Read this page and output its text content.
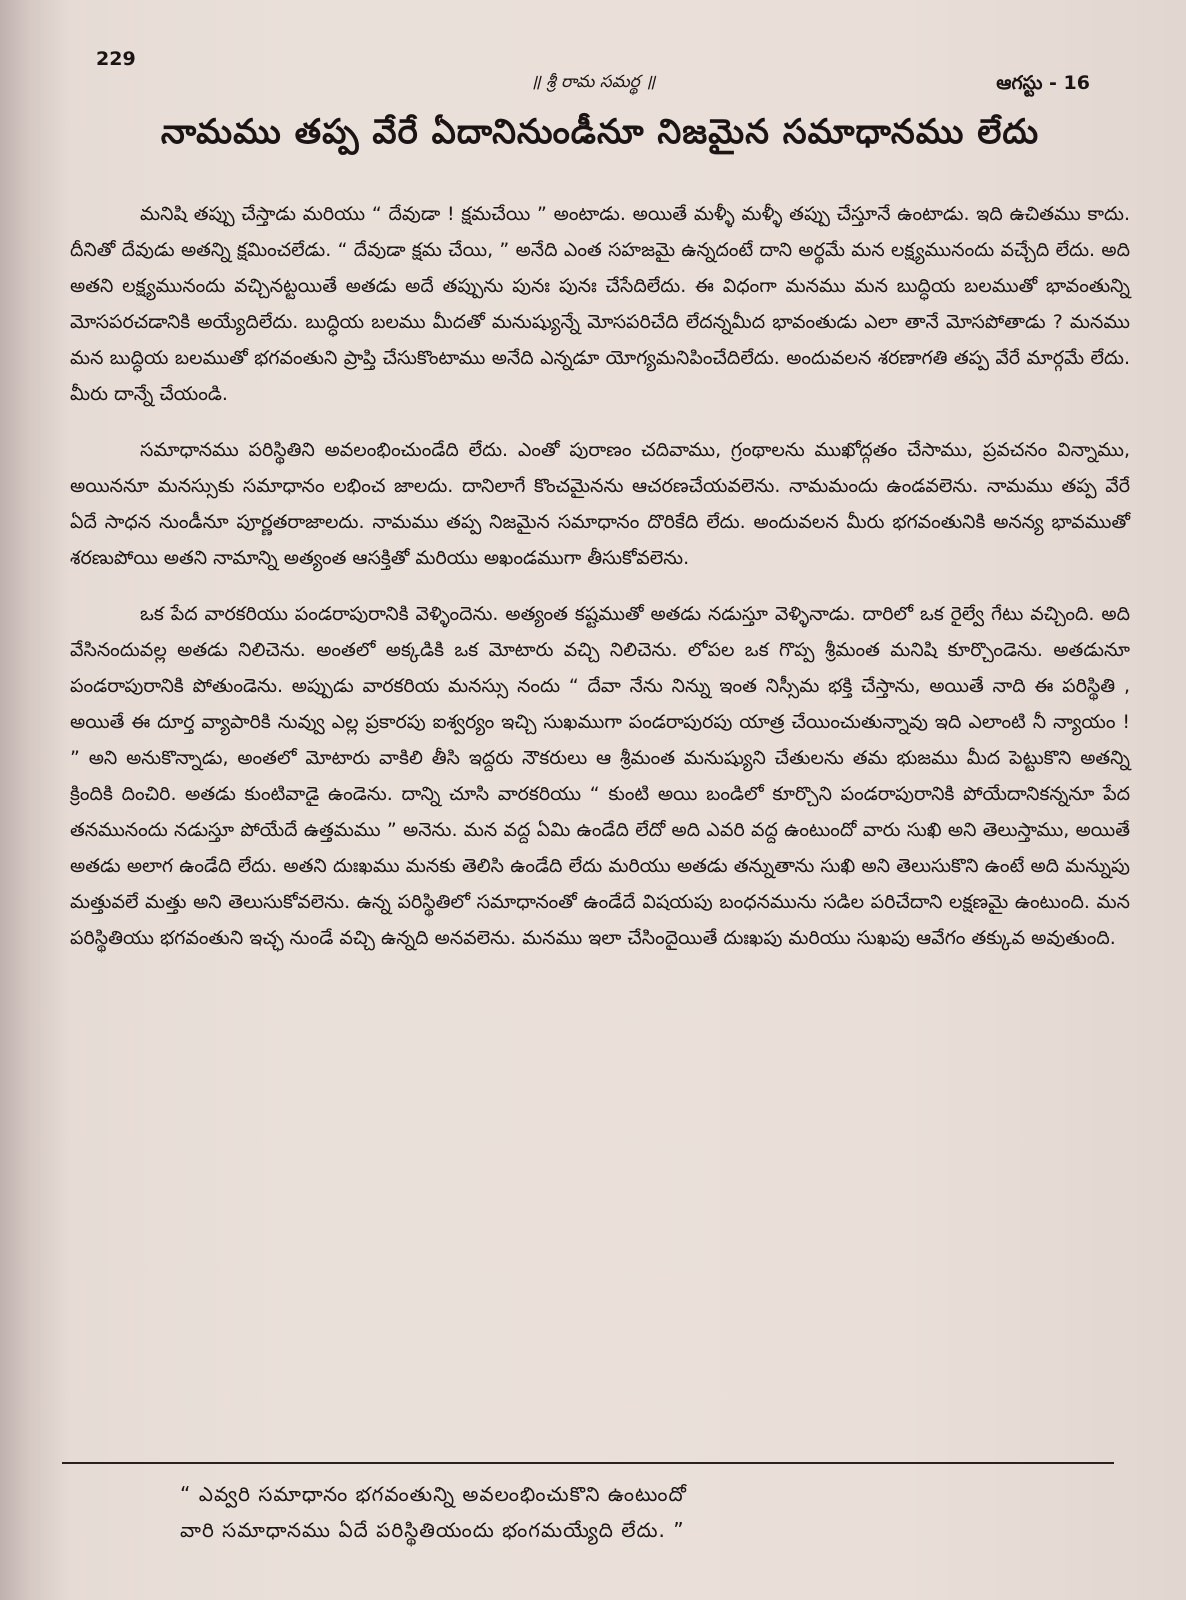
229
॥ శ్రీ రామ సమర్థ ॥	ఆగస్టు - 16
నామము తప్ప వేరే ఏదానినుండీనూ నిజమైన సమాధానము లేదు

మనిషి తప్పు చేస్తాడు మరియు “ దేవుడా ! క్షమచేయి ” అంటాడు. అయితే మళ్ళీ మళ్ళీ తప్పు చేస్తూనే ఉంటాడు. ఇది ఉచితము కాదు. దీనితో దేవుడు అతన్ని క్షమించలేడు. “ దేవుడా క్షమ చేయి, ” అనేది ఎంత సహజమై ఉన్నదంటే దాని అర్థమే మన లక్ష్యమునందు వచ్చేది లేదు. అది అతని లక్ష్యమునందు వచ్చినట్టయితే అతడు అదే తప్పును పునః పునః చేసేదిలేదు. ఈ విధంగా మనము మన బుద్ధియ బలముతో భావంతున్ని మోసపరచడానికి అయ్యేదిలేదు. బుద్ధియ బలము మీదతో మనుష్యున్నే మోసపరిచేది లేదన్నమీద భావంతుడు ఎలా తానే మోసపోతాడు ? మనము మన బుద్ధియ బలముతో భగవంతుని ప్రాప్తి చేసుకొంటాము అనేది ఎన్నడూ యోగ్యమనిపించేదిలేదు. అందువలన శరణాగతి తప్ప వేరే మార్గమే లేదు. మీరు దాన్నే చేయండి.

సమాధానము పరిస్థితిని అవలంభించుండేది లేదు. ఎంతో పురాణం చదివాము, గ్రంథాలను ముఖోద్గతం చేసాము, ప్రవచనం విన్నాము, అయిననూ మనస్సుకు సమాధానం లభించ జాలదు. దానిలాగే కొంచమైనను ఆచరణచేయవలెను. నామమందు ఉండవలెను. నామము తప్ప వేరే ఏదే సాధన నుండీనూ పూర్ణతరాజాలదు. నామము తప్ప నిజమైన సమాధానం దొరికేది లేదు. అందువలన మీరు భగవంతునికి అనన్య భావముతో శరణుపోయి అతని నామాన్ని అత్యంత ఆసక్తితో మరియు అఖండముగా తీసుకోవలెను.

ఒక పేద వారకరియు పండరాపురానికి వెళ్ళిందెను. అత్యంత కష్టముతో అతడు నడుస్తూ వెళ్ళినాడు. దారిలో ఒక రైల్వే గేటు వచ్చింది. అది వేసినందువల్ల అతడు నిలిచెను. అంతలో అక్కడికి ఒక మోటారు వచ్చి నిలిచెను. లోపల ఒక గొప్ప శ్రీమంత మనిషి కూర్చొండెను. అతడునూ పండరాపురానికి పోతుండెను. అప్పుడు వారకరియ మనస్సు నందు “ దేవా నేను నిన్ను ఇంత నిస్సీమ భక్తి చేస్తాను, అయితే నాది ఈ పరిస్థితి , అయితే ఈ దూర్త వ్యాపారికి నువ్వు ఎల్ల ప్రకారపు ఐశ్వర్యం ఇచ్చి సుఖముగా పండరాపురపు యాత్ర చేయించుతున్నావు ఇది ఎలాంటి నీ న్యాయం ! ” అని అనుకొన్నాడు, అంతలో మోటారు వాకిలి తీసి ఇద్దరు నౌకరులు ఆ శ్రీమంత మనుష్యుని చేతులను తమ భుజము మీద పెట్టుకొని అతన్ని క్రిందికి దించిరి. అతడు కుంటివాడై ఉండెను. దాన్ని చూసి వారకరియు “ కుంటి అయి బండిలో కూర్చొని పండరాపురానికి పోయేదానికన్ననూ పేద తనమునందు నడుస్తూ పోయేదే ఉత్తమము ” అనెను. మన వద్ద ఏమి ఉండేది లేదో అది ఎవరి వద్ద ఉంటుందో వారు సుఖి అని తెలుస్తాము, అయితే అతడు అలాగ ఉండేది లేదు. అతని దుఃఖము మనకు తెలిసి ఉండేది లేదు మరియు అతడు తన్నుతాను సుఖి అని తెలుసుకొని ఉంటే అది మన్నుపు మత్తువలే మత్తు అని తెలుసుకోవలెను. ఉన్న పరిస్థితిలో సమాధానంతో ఉండేదే విషయపు బంధనమును సడిల పరిచేదాని లక్షణమై ఉంటుంది. మన పరిస్థితియు భగవంతుని ఇచ్ఛ నుండే వచ్చి ఉన్నది అనవలెను. మనము ఇలా చేసిందైయితే దుఃఖపు మరియు సుఖపు ఆవేగం తక్కువ అవుతుంది.

“ ఎవ్వరి సమాధానం భగవంతున్ని అవలంభించుకొని ఉంటుందో
వారి సమాధానము ఏదే పరిస్థితియందు భంగమయ్యేది లేదు. ”
